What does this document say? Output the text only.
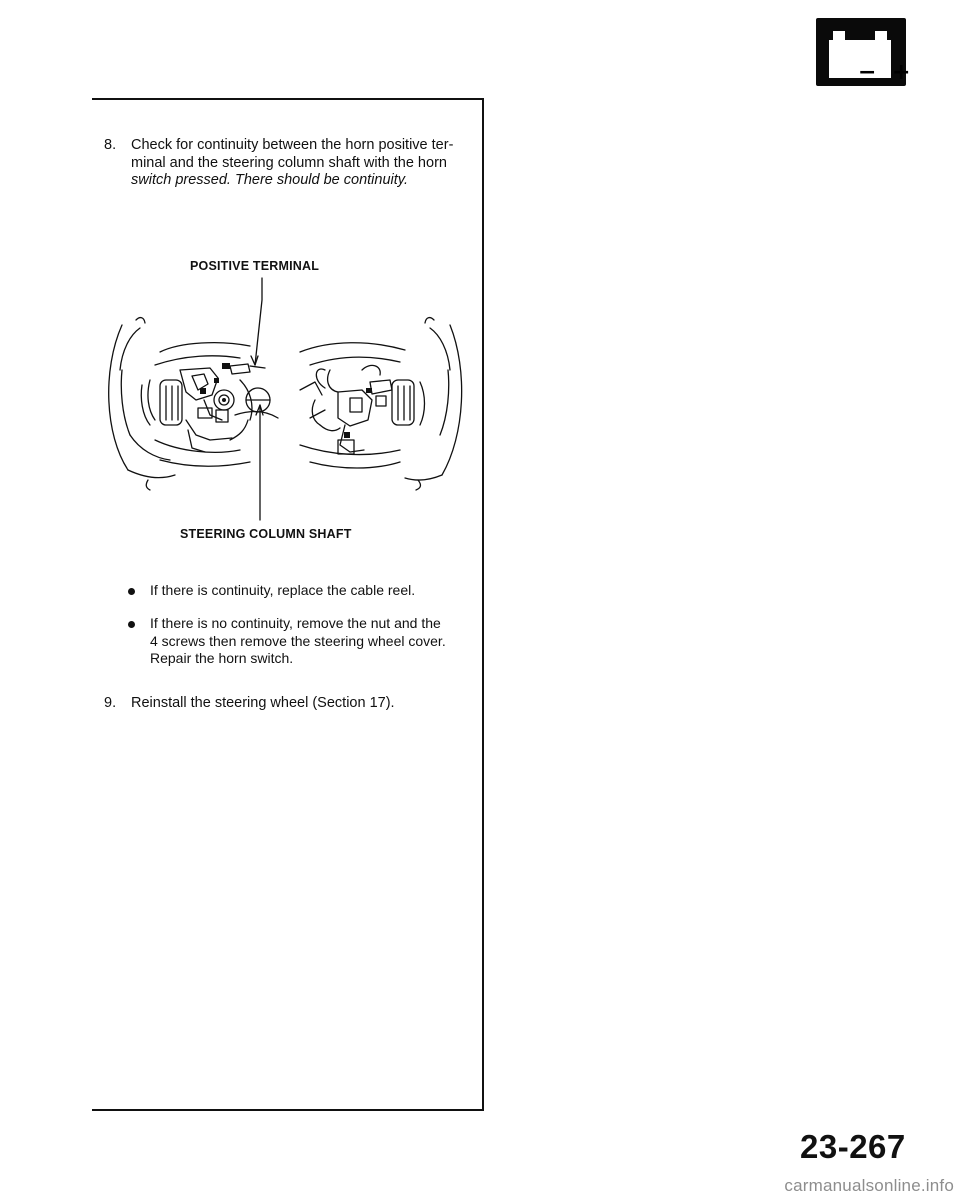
− +
8. Check for continuity between the horn positive ter-
minal and the steering column shaft with the horn
switch pressed. There should be continuity.
POSITIVE TERMINAL
STEERING COLUMN SHAFT
If there is continuity, replace the cable reel.
If there is no continuity, remove the nut and the
4 screws then remove the steering wheel cover.
Repair the horn switch.
9. Reinstall the steering wheel (Section 17).
23-267
carmanualsonline.info
